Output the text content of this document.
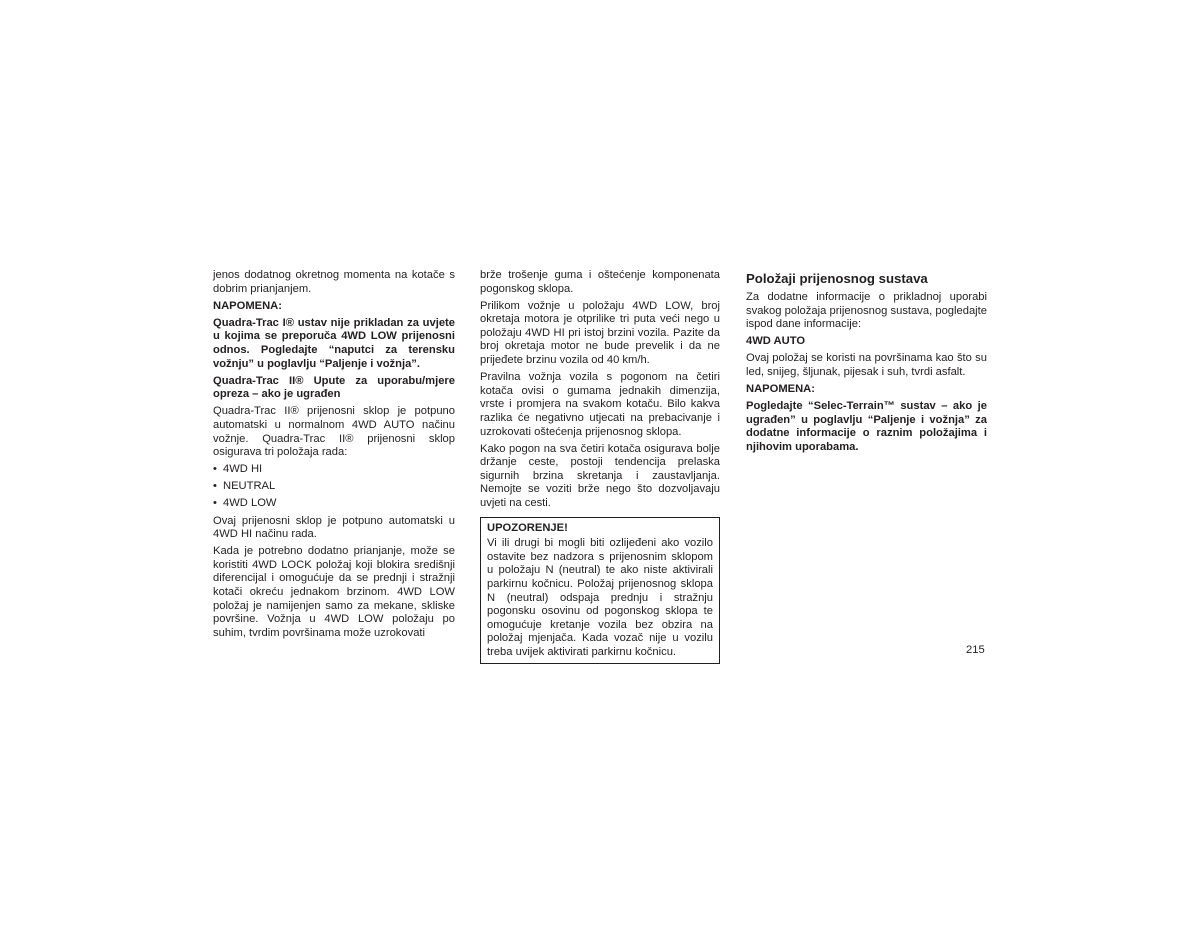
jenos dodatnog okretnog momenta na kotače s dobrim prianjanjem.

NAPOMENA:

Quadra-Trac I® ustav nije prikladan za uvjete u kojima se preporuča 4WD LOW prijenosni odnos. Pogledajte “naputci za terensku vožnju” u poglavlju “Paljenje i vožnja”.

Quadra-Trac II® Upute za uporabu/mjere opreza – ako je ugrađen

Quadra-Trac II® prijenosni sklop je potpuno automatski u normalnom 4WD AUTO načinu vožnje. Quadra-Trac II® prijenosni sklop osigurava tri položaja rada:

• 4WD HI
• NEUTRAL
• 4WD LOW

Ovaj prijenosni sklop je potpuno automatski u 4WD HI načinu rada.

Kada je potrebno dodatno prianjanje, može se koristiti 4WD LOCK položaj koji blokira središnji diferencijal i omogućuje da se prednji i stražnji kotači okreću jednakom brzinom. 4WD LOW položaj je namijenjen samo za mekane, skliske površine. Vožnja u 4WD LOW položaju po suhim, tvrdim površinama može uzrokovati

brže trošenje guma i oštećenje komponenata pogonskog sklopa.

Prilikom vožnje u položaju 4WD LOW, broj okretaja motora je otprilike tri puta veći nego u položaju 4WD HI pri istoj brzini vozila. Pazite da broj okretaja motor ne bude prevelik i da ne prijeđete brzinu vozila od 40 km/h.

Pravilna vožnja vozila s pogonom na četiri kotača ovisi o gumama jednakih dimenzija, vrste i promjera na svakom kotaču. Bilo kakva razlika će negativno utjecati na prebacivanje i uzrokovati oštećenja prijenosnog sklopa.

Kako pogon na sva četiri kotača osigurava bolje držanje ceste, postoji tendencija prelaska sigurnih brzina skretanja i zaustavljanja. Nemojte se voziti brže nego što dozvoljavaju uvjeti na cesti.

UPOZORENJE!
Vi ili drugi bi mogli biti ozlijeđeni ako vozilo ostavite bez nadzora s prijenosnim sklopom u položaju N (neutral) te ako niste aktivirali parkirnu kočnicu. Položaj prijenosnog sklopa N (neutral) odspaja prednju i stražnju pogonsku osovinu od pogonskog sklopa te omogućuje kretanje vozila bez obzira na položaj mjenjača. Kada vozač nije u vozilu treba uvijek aktivirati parkirnu kočnicu.
Položaji prijenosnog sustava

Za dodatne informacije o prikladnoj uporabi svakog položaja prijenosnog sustava, pogledajte ispod dane informacije:

4WD AUTO

Ovaj položaj se koristi na površinama kao što su led, snijeg, šljunak, pijesak i suh, tvrdi asfalt.

NAPOMENA:

Pogledajte “Selec-Terrain™ sustav – ako je ugrađen” u poglavlju “Paljenje i vožnja” za dodatne informacije o raznim položajima i njihovim uporabama.

215
